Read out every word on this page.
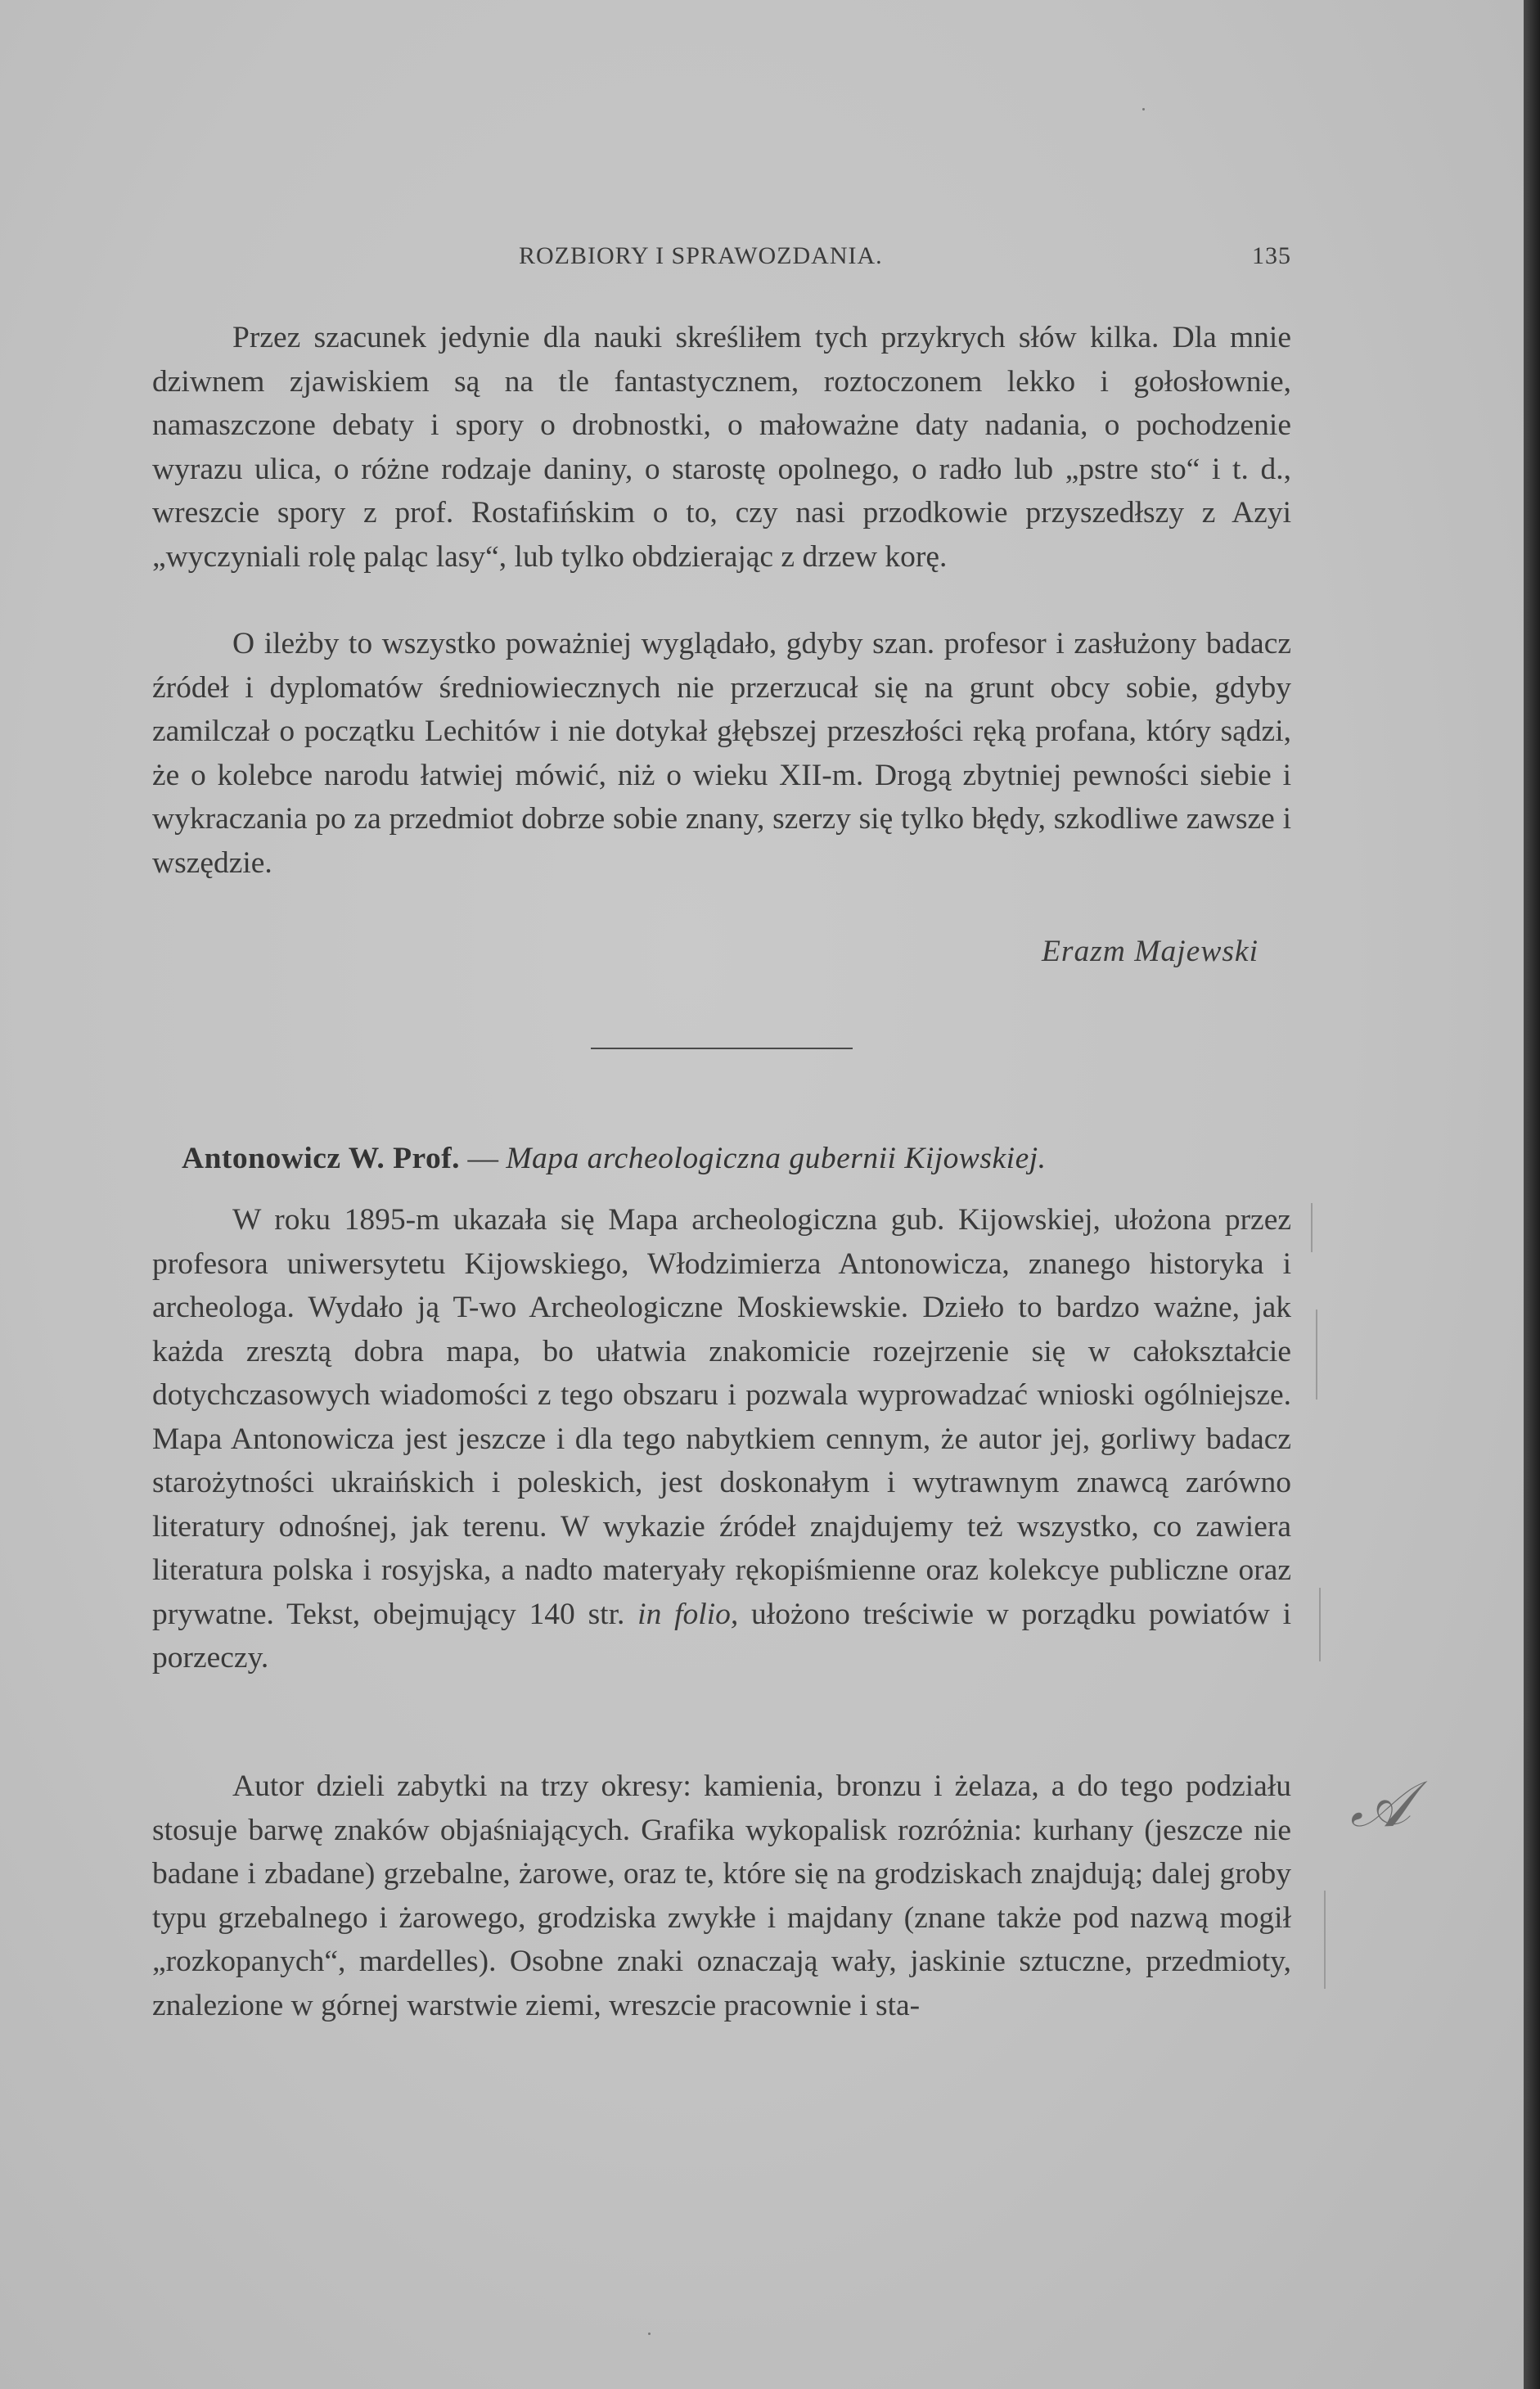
ROZBIORY I SPRAWOZDANIA.	135

Przez szacunek jedynie dla nauki skreśliłem tych przykrych słów kilka. Dla mnie dziwnem zjawiskiem są na tle fantastycznem, roztoczonem lekko i gołosłownie, namaszczone debaty i spory o drobnostki, o małoważne daty nadania, o pochodzenie wyrazu ulica, o różne rodzaje daniny, o starostę opolnego, o radło lub „pstre sto“ i t. d., wreszcie spory z prof. Rostafińskim o to, czy nasi przodkowie przyszedłszy z Azyi „wyczyniali rolę paląc lasy“, lub tylko obdzierając z drzew korę.

O ileżby to wszystko poważniej wyglądało, gdyby szan. profesor i zasłużony badacz źródeł i dyplomatów średniowiecznych nie przerzucał się na grunt obcy sobie, gdyby zamilczał o początku Lechitów i nie dotykał głębszej przeszłości ręką profana, który sądzi, że o kolebce narodu łatwiej mówić, niż o wieku XII-m. Drogą zbytniej pewności siebie i wykraczania po za przedmiot dobrze sobie znany, szerzy się tylko błędy, szkodliwe zawsze i wszędzie.

Erazm Majewski
Antonowicz W. Prof. — Mapa archeologiczna gubernii Kijowskiej.

W roku 1895-m ukazała się Mapa archeologiczna gub. Kijowskiej, ułożona przez profesora uniwersytetu Kijowskiego, Włodzimierza Antonowicza, znanego historyka i archeologa. Wydało ją T-wo Archeologiczne Moskiewskie. Dzieło to bardzo ważne, jak każda zresztą dobra mapa, bo ułatwia znakomicie rozejrzenie się w całokształcie dotychczasowych wiadomości z tego obszaru i pozwala wyprowadzać wnioski ogólniejsze. Mapa Antonowicza jest jeszcze i dla tego nabytkiem cennym, że autor jej, gorliwy badacz starożytności ukraińskich i poleskich, jest doskonałym i wytrawnym znawcą zarówno literatury odnośnej, jak terenu. W wykazie źródeł znajdujemy też wszystko, co zawiera literatura polska i rosyjska, a nadto materyały rękopiśmienne oraz kolekcye publiczne oraz prywatne. Tekst, obejmujący 140 str. in folio, ułożono treściwie w porządku powiatów i porzeczy.

Autor dzieli zabytki na trzy okresy: kamienia, bronzu i żelaza, a do tego podziału stosuje barwę znaków objaśniających. Grafika wykopalisk rozróżnia: kurhany (jeszcze nie badane i zbadane) grzebalne, żarowe, oraz te, które się na grodziskach znajdują; dalej groby typu grzebalnego i żarowego, grodziska zwykłe i majdany (znane także pod nazwą mogił „rozkopanych“, mardelles). Osobne znaki oznaczają wały, jaskinie sztuczne, przedmioty, znalezione w górnej warstwie ziemi, wreszcie pracownie i sta-

𝒜
